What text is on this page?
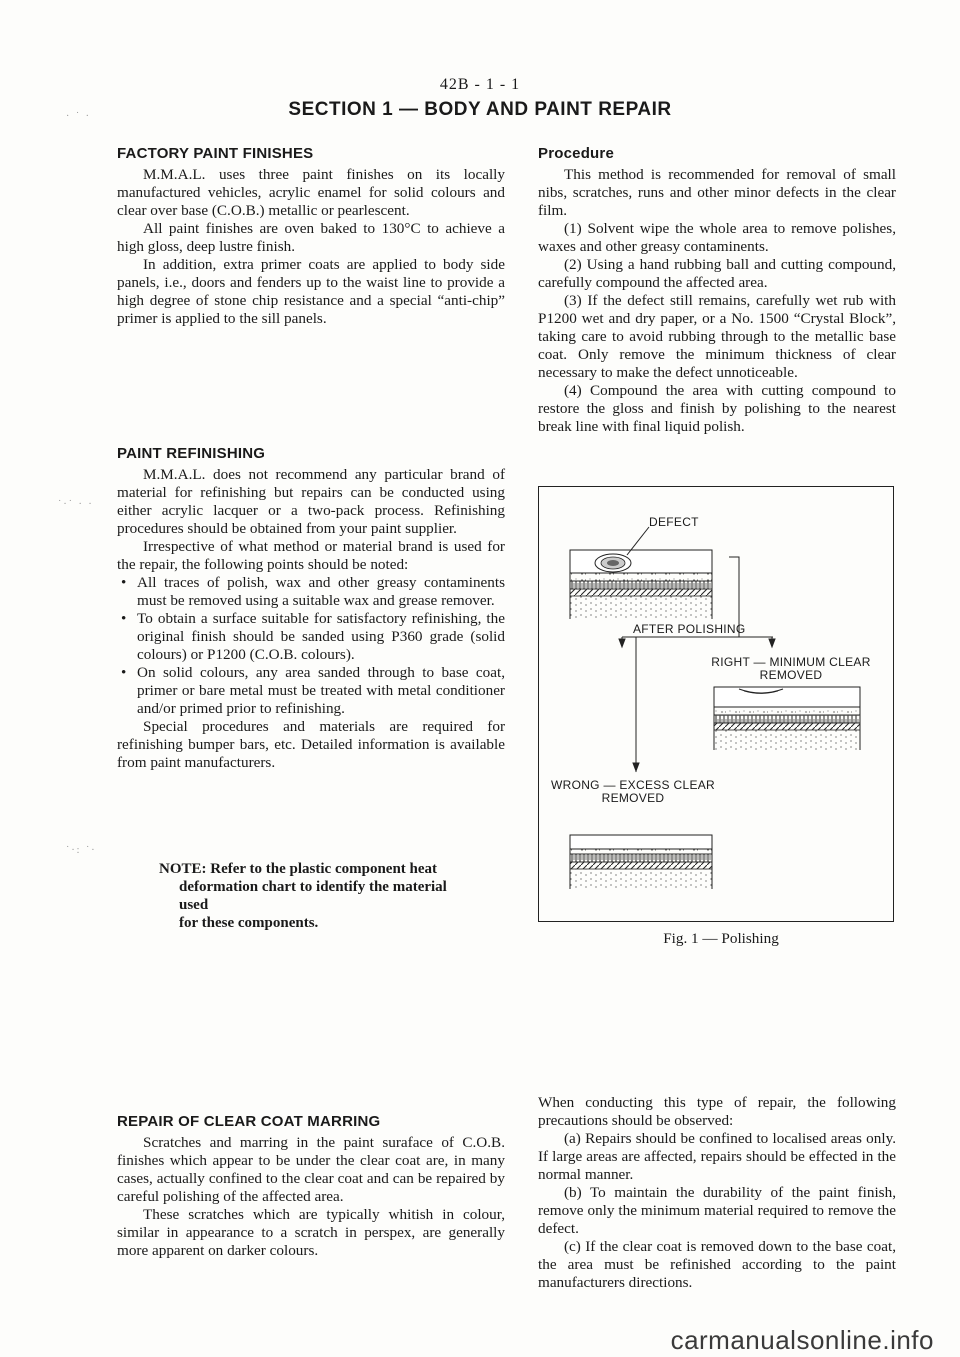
· ˙ ·
˙·˙ · ·
˙·: ˙·
42B - 1 - 1
SECTION 1 — BODY AND PAINT REPAIR
FACTORY PAINT FINISHES

M.M.A.L. uses three paint finishes on its locally manufactured vehicles, acrylic enamel for solid colours and clear over base (C.O.B.) metallic or pearlescent.

All paint finishes are oven baked to 130°C to achieve a high gloss, deep lustre finish.

In addition, extra primer coats are applied to body side panels, i.e., doors and fenders up to the waist line to provide a high degree of stone chip resistance and a special “anti-chip” primer is applied to the sill panels.

PAINT REFINISHING

M.M.A.L. does not recommend any particular brand of material for refinishing but repairs can be conducted using either acrylic lacquer or a two-pack process. Refinishing procedures should be obtained from your paint supplier.

Irrespective of what method or material brand is used for the repair, the following points should be noted:

• All traces of polish, wax and other greasy contaminents must be removed using a suitable wax and grease remover.
• To obtain a surface suitable for satisfactory refinishing, the original finish should be sanded using P360 grade (solid colours) or P1200 (C.O.B. colours).
• On solid colours, any area sanded through to base coat, primer or bare metal must be treated with metal conditioner and/or primed prior to refinishing.

Special procedures and materials are required for refinishing bumper bars, etc. Detailed information is available from paint manufacturers.

NOTE: Refer to the plastic component heat
deformation chart to identify the material used
for these components.
REPAIR OF CLEAR COAT MARRING

Scratches and marring in the paint suraface of C.O.B. finishes which appear to be under the clear coat are, in many cases, actually confined to the clear coat and can be repaired by careful polishing of the affected area.

These scratches which are typically whitish in colour, similar in appearance to a scratch in perspex, are generally more apparent on darker colours.

Procedure

This method is recommended for removal of small nibs, scratches, runs and other minor defects in the clear film.

(1) Solvent wipe the whole area to remove polishes, waxes and other greasy contaminents.

(2) Using a hand rubbing ball and cutting compound, carefully compound the affected area.

(3) If the defect still remains, carefully wet rub with P1200 wet and dry paper, or a No. 1500 “Crystal Block”, taking care to avoid rubbing through to the metallic base coat. Only remove the minimum thickness of clear necessary to make the defect unnoticeable.

(4) Compound the area with cutting compound to restore the gloss and finish by polishing to the nearest break line with final liquid polish.

DEFECT
AFTER POLISHING
RIGHT — MINIMUM CLEAR
REMOVED
WRONG — EXCESS CLEAR
REMOVED
Fig. 1 — Polishing

When conducting this type of repair, the following precautions should be observed:

(a) Repairs should be confined to localised areas only. If large areas are affected, repairs should be effected in the normal manner.

(b) To maintain the durability of the paint finish, remove only the minimum material required to remove the defect.

(c) If the clear coat is removed down to the base coat, the area must be refinished according to the paint manufacturers directions.

carmanualsonline.info
